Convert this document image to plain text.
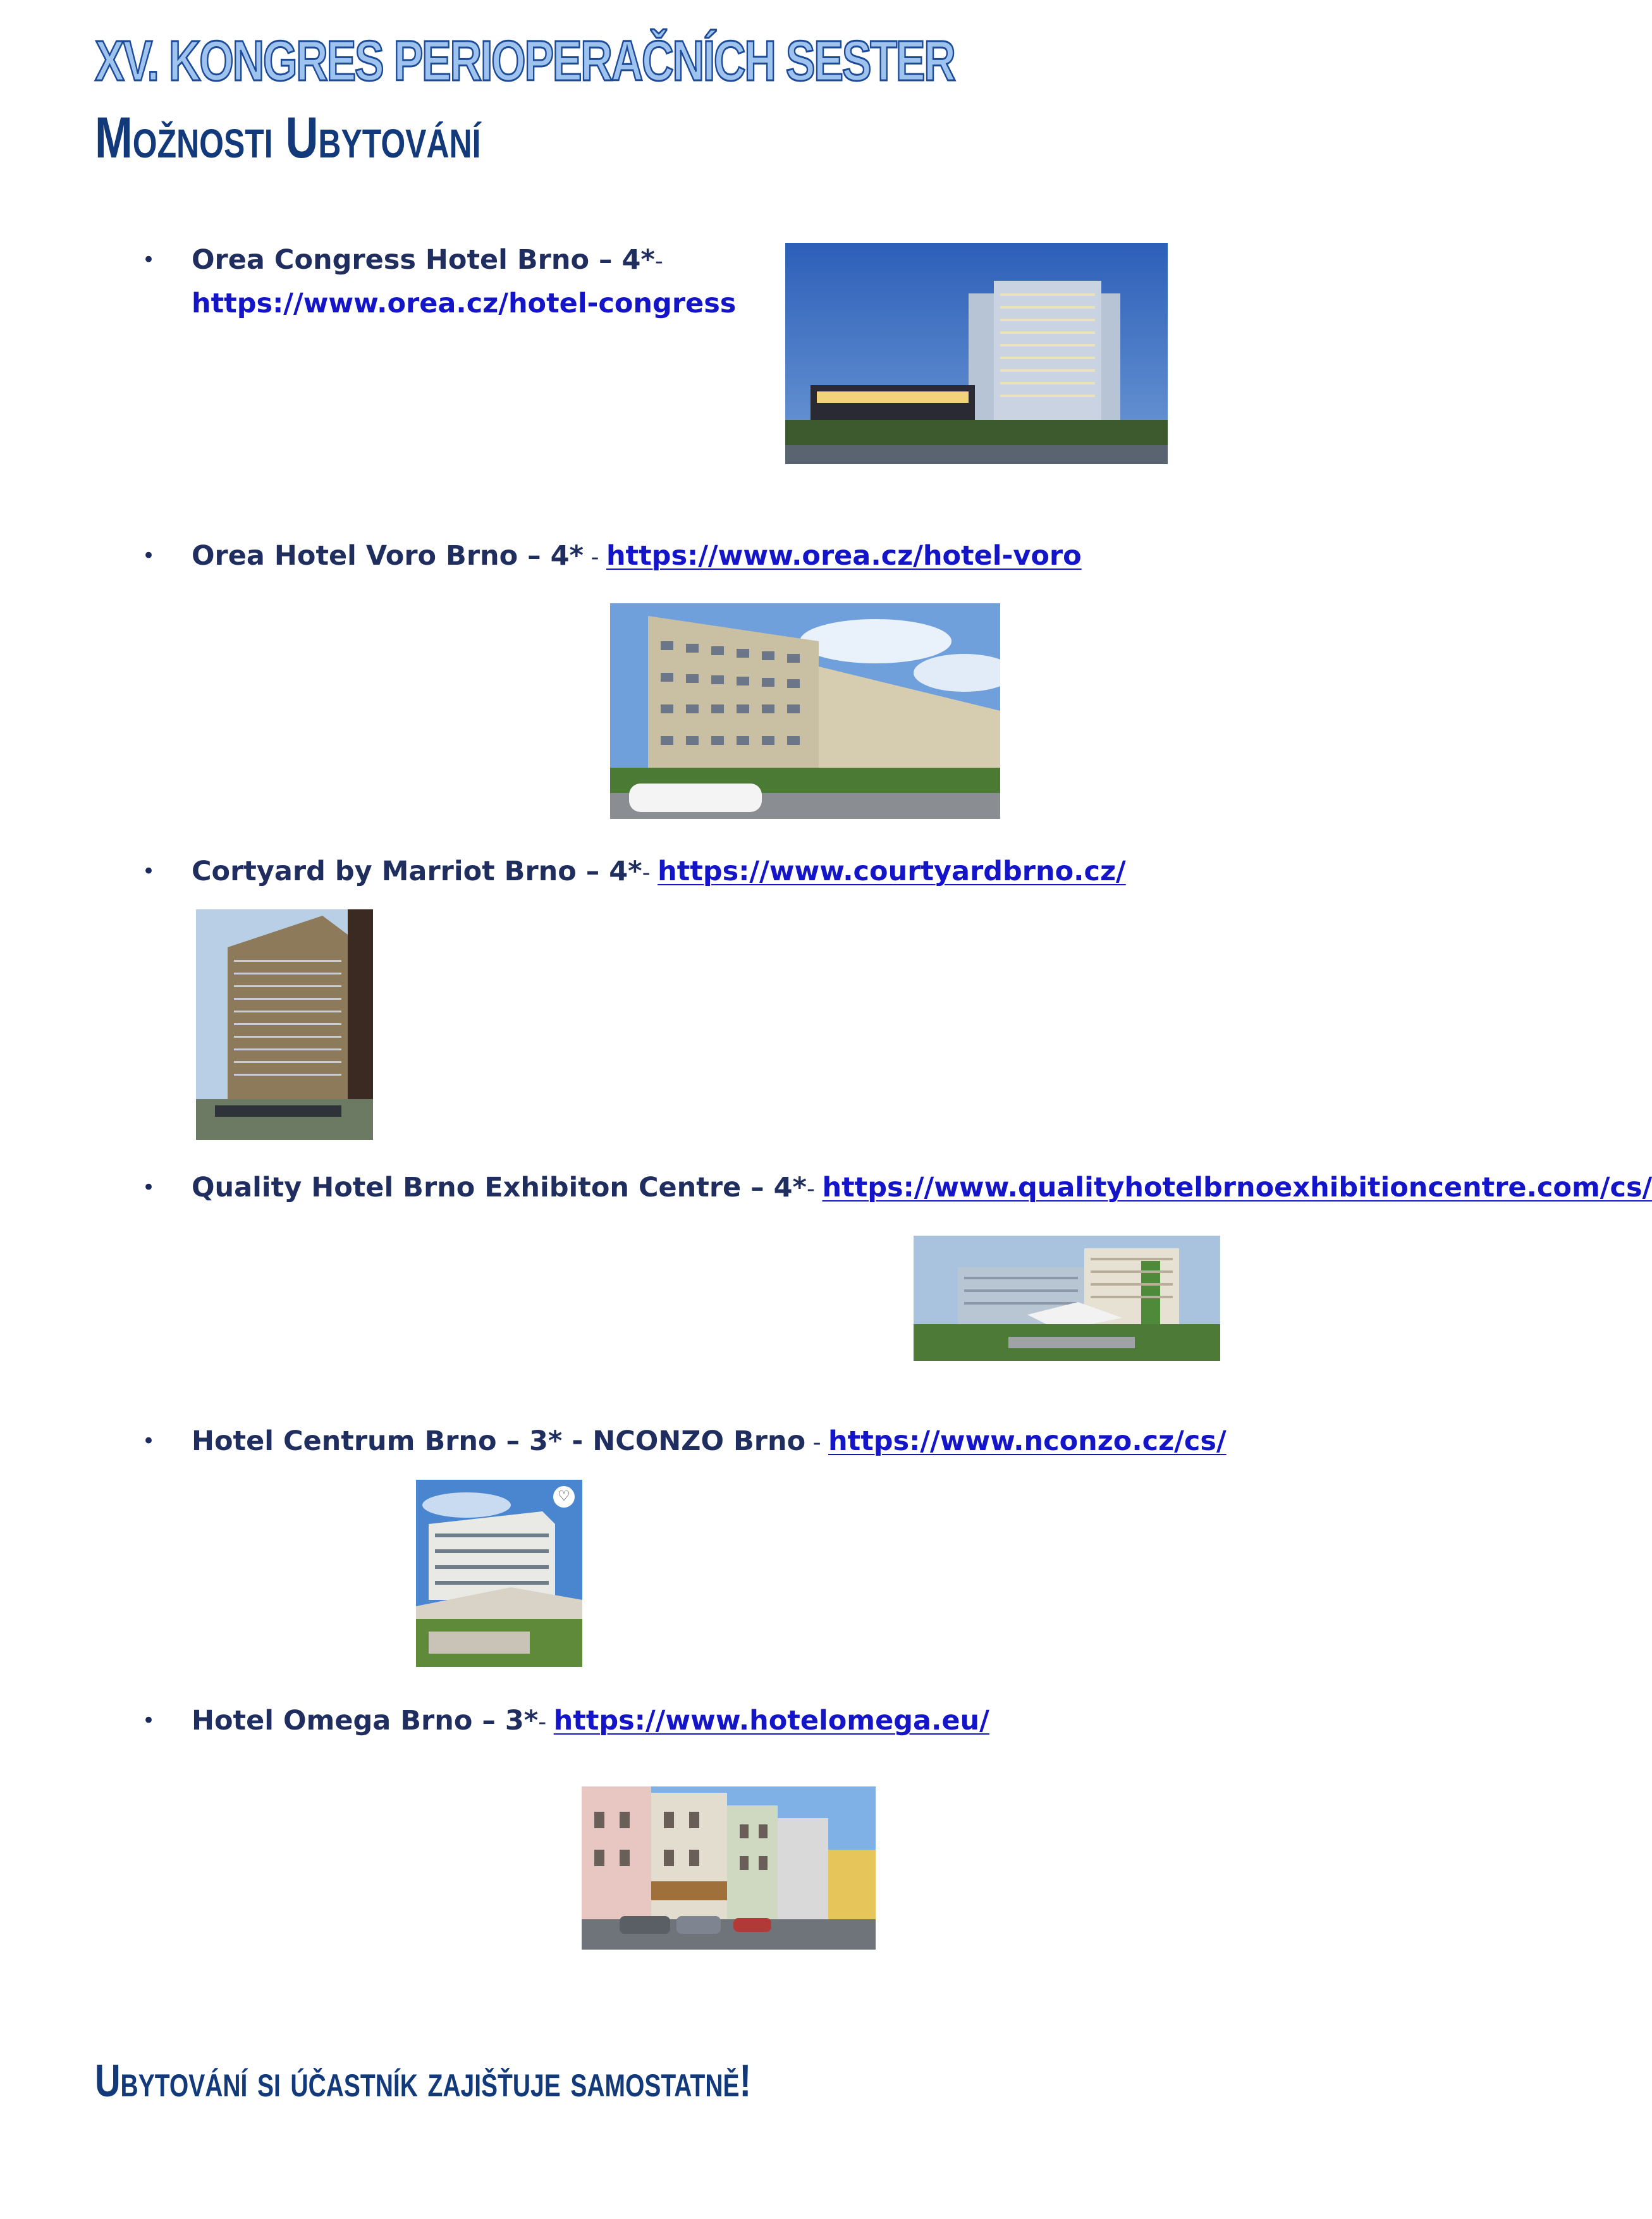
XV. KONGRES PERIOPERAČNÍCH SESTER
Možnosti Ubytování
• Orea Congress Hotel Brno – 4*-
https://www.orea.cz/hotel-congress
• Orea Hotel Voro Brno – 4* - https://www.orea.cz/hotel-voro
• Cortyard by Marriot Brno – 4*- https://www.courtyardbrno.cz/
• Quality Hotel Brno Exhibiton Centre – 4*- https://www.qualityhotelbrnoexhibitioncentre.com/cs/
• Hotel Centrum Brno – 3* - NCONZO Brno - https://www.nconzo.cz/cs/
♡
• Hotel Omega Brno – 3*- https://www.hotelomega.eu/
Ubytování si účastník zajišťuje samostatně!
